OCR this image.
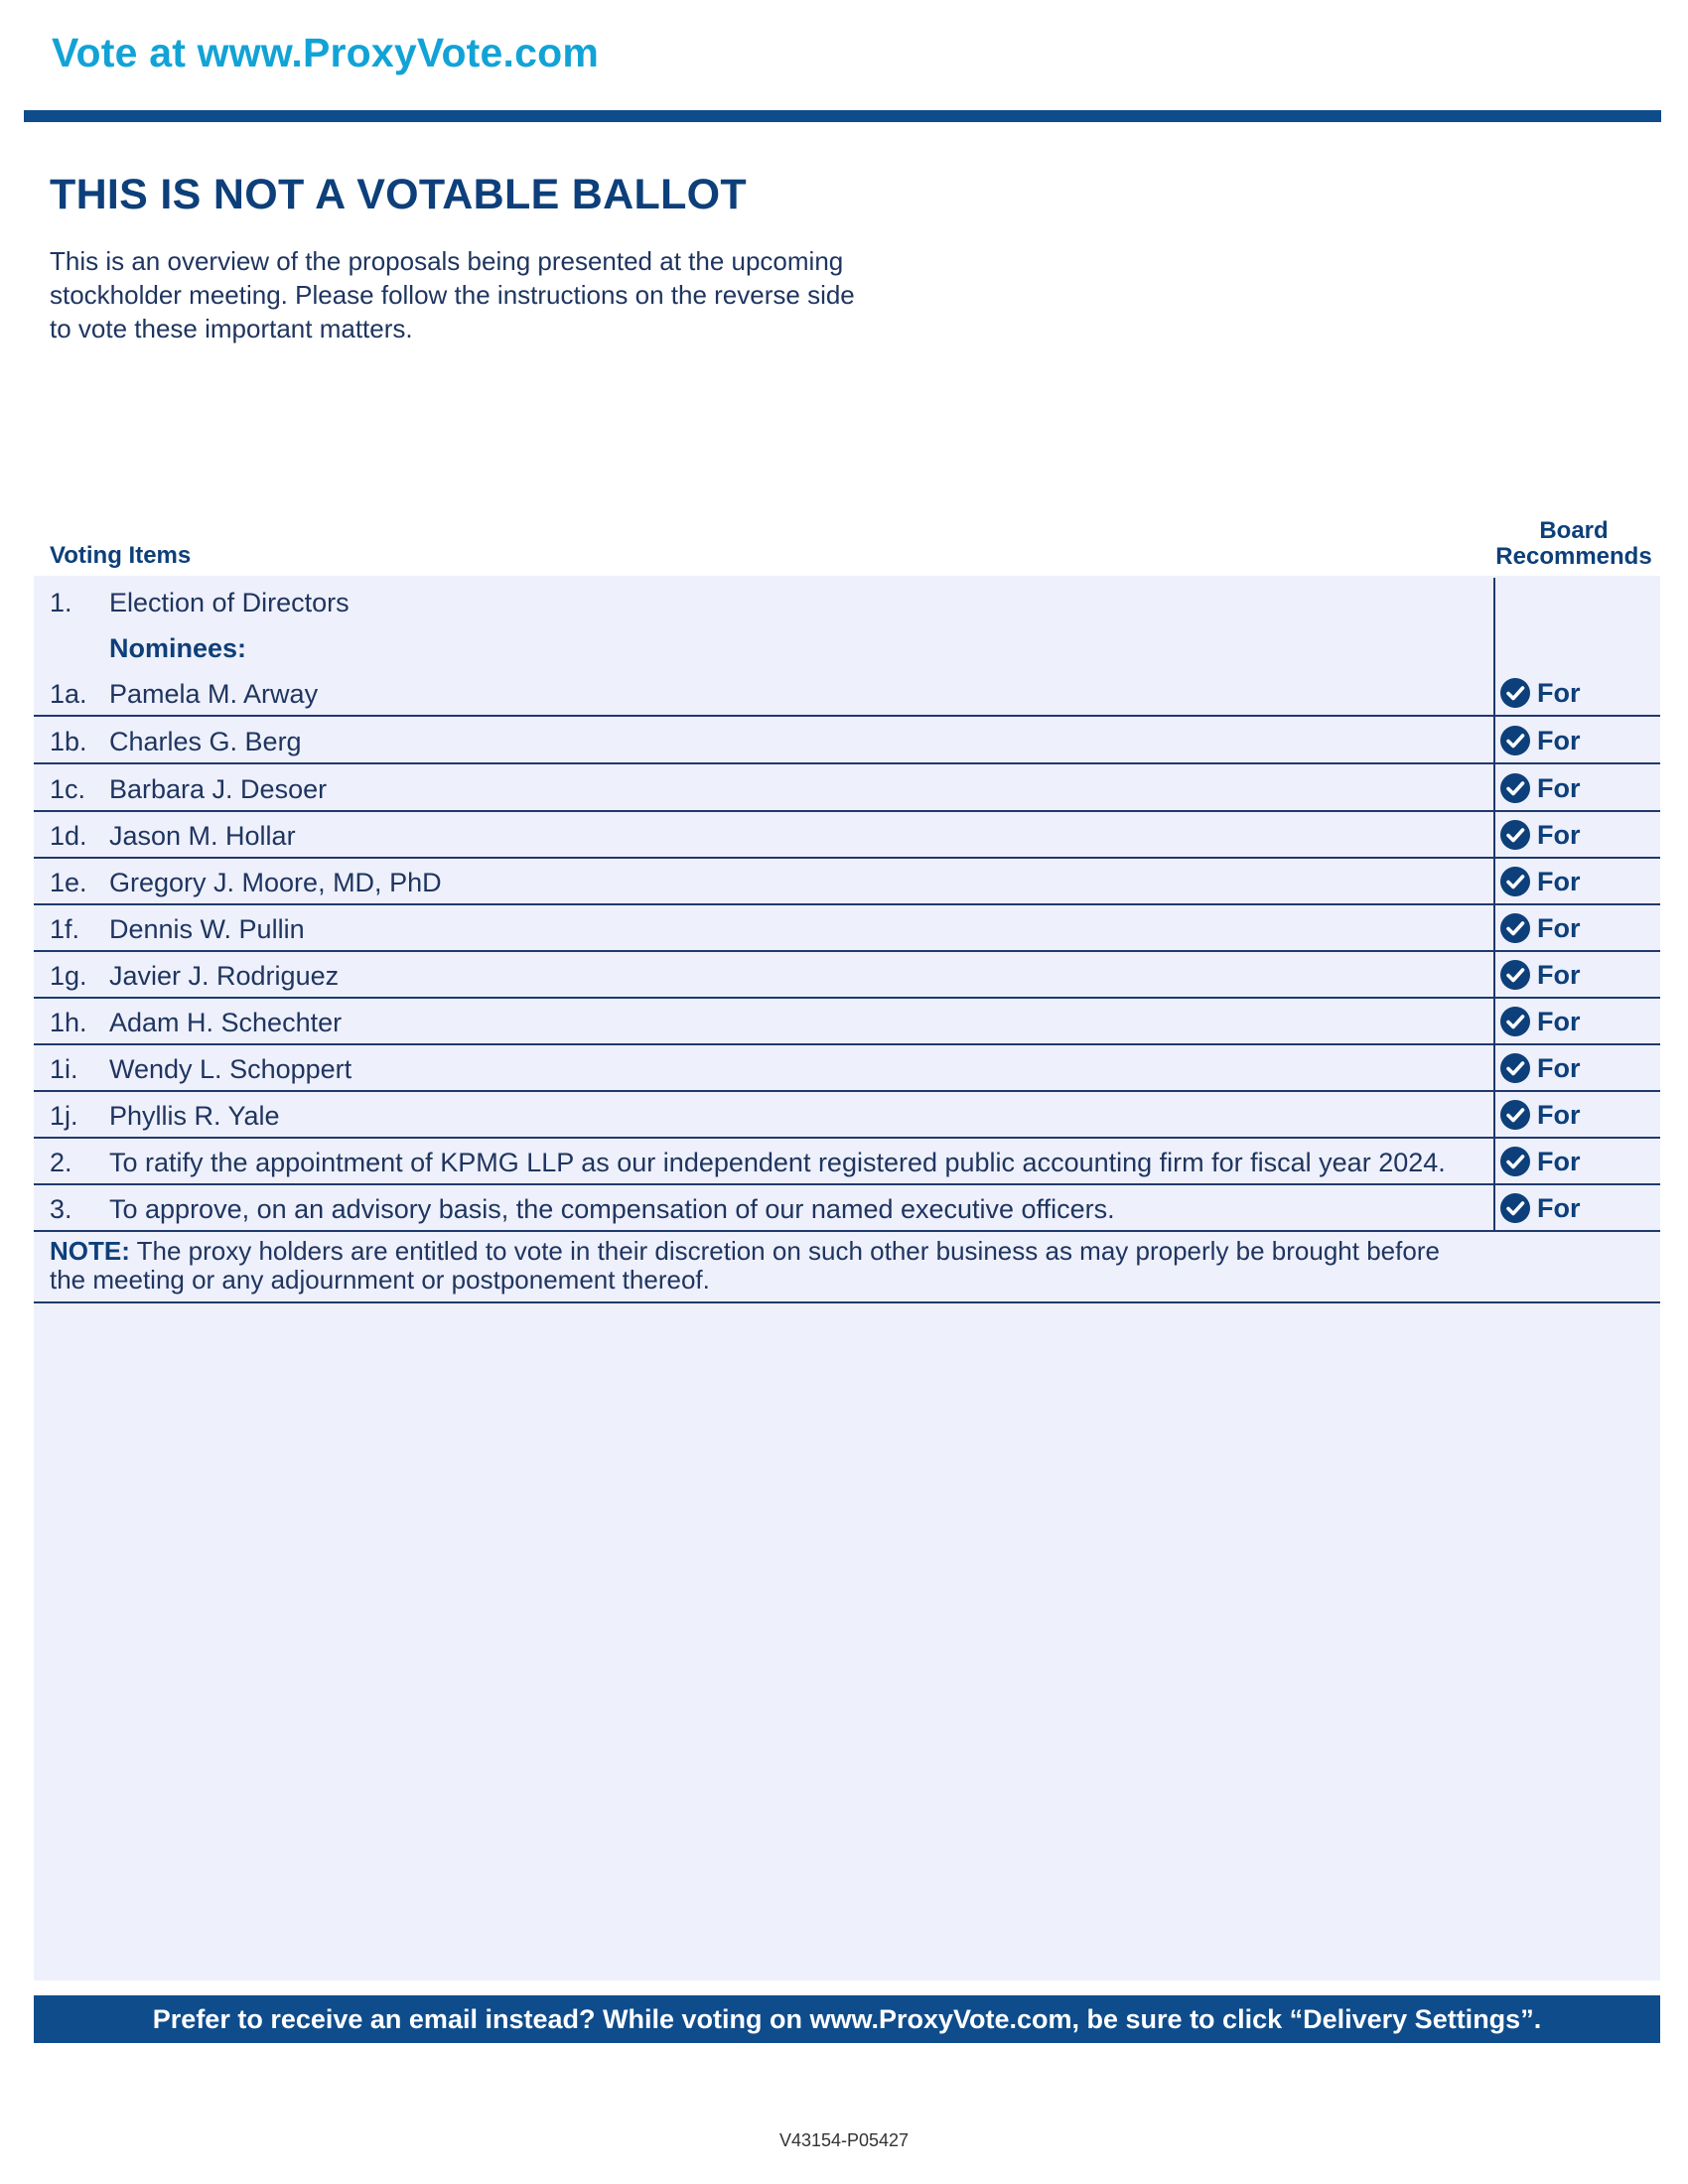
Vote at www.ProxyVote.com
THIS IS NOT A VOTABLE BALLOT
This is an overview of the proposals being presented at the upcoming stockholder meeting. Please follow the instructions on the reverse side to vote these important matters.
Voting Items
Board
Recommends
1. Election of Directors
Nominees:
1a. Pamela M. Arway	For
1b. Charles G. Berg	For
1c. Barbara J. Desoer	For
1d. Jason M. Hollar	For
1e. Gregory J. Moore, MD, PhD	For
1f. Dennis W. Pullin	For
1g. Javier J. Rodriguez	For
1h. Adam H. Schechter	For
1i. Wendy L. Schoppert	For
1j. Phyllis R. Yale	For
2. To ratify the appointment of KPMG LLP as our independent registered public accounting firm for fiscal year 2024.	For
3. To approve, on an advisory basis, the compensation of our named executive officers.	For
NOTE: The proxy holders are entitled to vote in their discretion on such other business as may properly be brought before the meeting or any adjournment or postponement thereof.
Prefer to receive an email instead? While voting on www.ProxyVote.com, be sure to click “Delivery Settings”.
V43154-P05427
